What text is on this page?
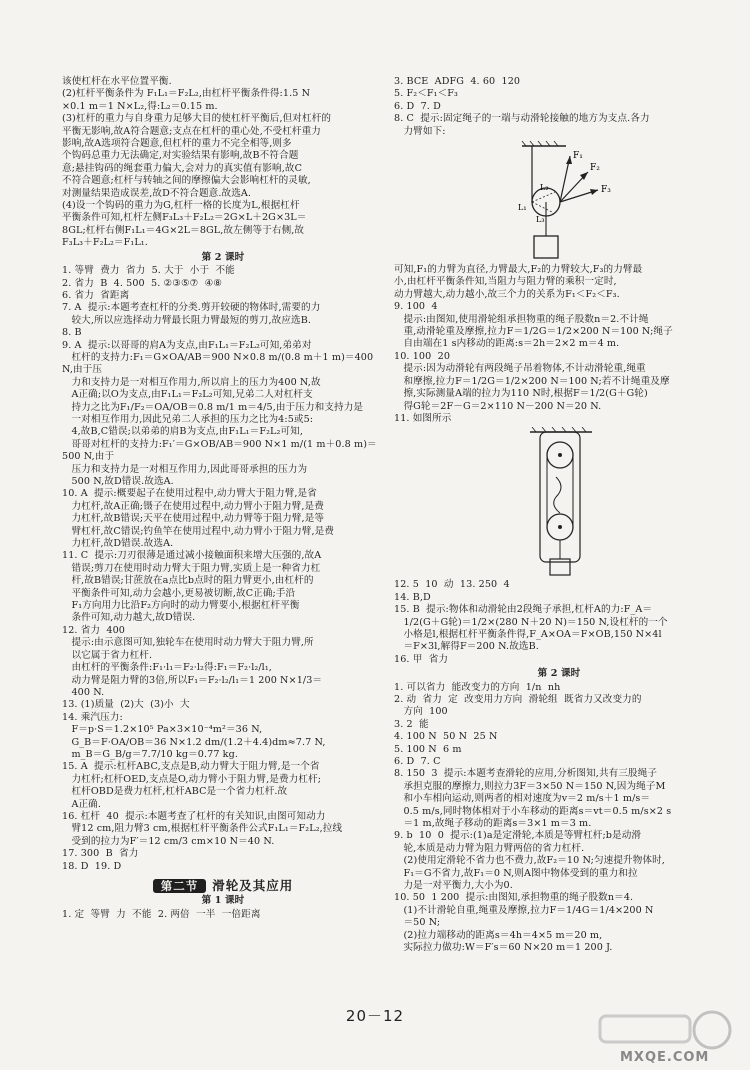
该使杠杆在水平位置平衡.
(2)杠杆平衡条件为 F₁L₁＝F₂L₂,由杠杆平衡条件得:1.5 N
×0.1 m＝1 N×L₂,得:L₂＝0.15 m.
(3)杠杆的重力与自身重力足够大目的使杠杆平衡后,但对杠杆的
平衡无影响,故A符合题意;支点在杠杆的重心处,不受杠杆重力
影响,故A选项符合题意,但杠杆的重力不完全相等,则多
个钩码总重力无法确定,对实验结果有影响,故B不符合题
意;悬挂钩码的绳套重力偏大,会对力的真实值有影响,故C
不符合题意;杠杆与转轴之间的摩擦偏大会影响杠杆的灵敏,
对测量结果造成误差,故D不符合题意.故选A.
(4)设一个钩码的重力为G,杠杆一格的长度为L,根据杠杆
平衡条件可知,杠杆左侧F₃L₃＋F₂L₂＝2G×L＋2G×3L＝
8GL;杠杆右侧F₁L₁＝4G×2L＝8GL,故左侧等于右侧,故
F₃L₃＋F₂L₂＝F₁L₁.

第 2 课时

1. 等臂  费力  省力  5. 大于  小于  不能
2. 省力  B  4. 500  5. ②③⑤⑦  ④⑧
6. 省力  省距离
7. A  提示:本题考查杠杆的分类.剪开较硬的物体时,需要的力
较大,所以应选择动力臂最长阻力臂最短的剪刀,故应选B.
8. B
9. A  提示:以哥哥的肩A为支点,由F₁L₁＝F₂L₂可知,弟弟对
杠杆的支持力:F₁＝G×OA/AB＝900 N×0.8 m/(0.8 m＋1 m)＝400 N,由于压
力和支持力是一对相互作用力,所以肩上的压力为400 N,故
A正确;以O为支点,由F₁L₁＝F₂L₂可知,兄弟二人对杠杆支
持力之比为F₁/F₂＝OA/OB＝0.8 m/1 m＝4/5,由于压力和支持力是
一对相互作用力,因此兄弟二人承担的压力之比为4:5或5:
4,故B,C错误;以弟弟的肩B为支点,由F₁L₁＝F₂L₂可知,
哥哥对杠杆的支持力:F₁′＝G×OB/AB＝900 N×1 m/(1 m＋0.8 m)＝500 N,由于
压力和支持力是一对相互作用力,因此哥哥承担的压力为
500 N,故D错误.故选A.
10. A  提示:概要起子在使用过程中,动力臂大于阻力臂,是省
力杠杆,故A正确;镊子在使用过程中,动力臂小于阻力臂,是费
力杠杆,故B错误;天平在使用过程中,动力臂等于阻力臂,是等
臂杠杆,故C错误;钓鱼竿在使用过程中,动力臂小于阻力臂,是费
力杠杆,故D错误.故选A.
11. C  提示:刀刃很薄是通过减小接触面积来增大压强的,故A
错误;剪刀在使用时动力臂大于阻力臂,实质上是一种省力杠
杆,故B错误;甘蔗放在a点比b点时的阻力臂更小,由杠杆的
平衡条件可知,动力会越小,更易被切断,故C正确;手沿
F₁方向用力比沿F₂方向时的动力臂要小,根据杠杆平衡
条件可知,动力越大,故D错误.
12. 省力  400
提示:由示意图可知,独轮车在使用时动力臂大于阻力臂,所
以它属于省力杠杆.
由杠杆的平衡条件:F₁·l₁＝F₂·l₂得:F₁＝F₂·l₂/l₁,
动力臂是阻力臂的3倍,所以F₁＝F₂·l₂/l₁＝1 200 N×1/3＝
400 N.
13. (1)质量  (2)大  (3)小  大
14. 乘汽压力:
F＝p·S＝1.2×10⁵ Pa×3×10⁻⁴m²＝36 N,
G_B＝F·OA/OB＝36 N×1.2 dm/(1.2＋4.4)dm≈7.7 N,
m_B＝G_B/g＝7.7/10 kg＝0.77 kg.
15. A  提示:杠杆ABC,支点是B,动力臂大于阻力臂,是一个省
力杠杆;杠杆OED,支点是O,动力臂小于阻力臂,是费力杠杆;
杠杆OBD是费力杠杆,杠杆ABC是一个省力杠杆.故
A正确.
16. 杠杆  40  提示:本题考查了杠杆的有关知识,由图可知动力
臂12 cm,阻力臂3 cm,根据杠杆平衡条件公式F₁L₁＝F₂L₂,拉线
受到的拉力为F′＝12 cm/3 cm×10 N＝40 N.
17. 300  B  省力
18. D  19. D

第二节	滑轮及其应用

第 1 课时

1. 定  等臂  力  不能  2. 两倍  一半  一倍距离

3. BCE  ADFG  4. 60  120
5. F₂＜F₁＜F₃
6. D  7. D
8. C  提示:固定绳子的一端与动滑轮接触的地方为支点.各力
力臂如下:

F₁
F₂
F₃
L₁
L₂
L₃

可知,F₁的力臂为直径,力臂最大,F₂的力臂较大,F₃的力臂最
小,由杠杆平衡条件知,当阻力与阻力臂的乘积一定时,
动力臂越大,动力越小,故三个力的关系为F₁＜F₂＜F₃.
9. 100  4
提示:由图知,使用滑轮组承担物重的绳子股数n＝2.不计绳
重,动滑轮重及摩擦,拉力F＝1/2G＝1/2×200 N＝100 N;绳子
自由端在1 s内移动的距离:s＝2h＝2×2 m＝4 m.
10. 100  20
提示:因为动滑轮有两段绳子吊着物体,不计动滑轮重,绳重
和摩擦,拉力F＝1/2G＝1/2×200 N＝100 N;若不计绳重及摩
擦,实际测量A端的拉力为110 N时,根据F＝1/2(G＋G轮)
得G轮＝2F－G＝2×110 N－200 N＝20 N.
11. 如图所示

12. 5  10  动  13. 250  4
14. B,D
15. B  提示:物体和动滑轮由2段绳子承担,杠杆A的力:F_A＝
1/2(G＋G轮)＝1/2×(280 N＋20 N)＝150 N,设杠杆的一个
小格是l,根据杠杆平衡条件得,F_A×OA＝F×OB,150 N×4l
＝F×3l,解得F＝200 N.故选B.
16. 甲  省力

第 2 课时

1. 可以省力  能改变力的方向  1/n  nh
2. 动  省力  定  改变用力方向  滑轮组  既省力又改变力的
方向  100
3. 2  能
4. 100 N  50 N  25 N
5. 100 N  6 m
6. D  7. C
8. 150  3  提示:本题考查滑轮的应用,分析图知,共有三股绳子
承担克服的摩擦力,则拉力3F＝3×50 N＝150 N,因为绳子M
和小车相向运动,则两者的相对速度为v＝2 m/s＋1 m/s＝
0.5 m/s,同时物体相对于小车移动的距离s＝vt＝0.5 m/s×2 s
＝1 m,故绳子移动的距离s＝3×1 m＝3 m.
9. b  10  0  提示:(1)a是定滑轮,本质是等臂杠杆;b是动滑
轮,本质是动力臂为阻力臂两倍的省力杠杆.
(2)使用定滑轮不省力也不费力,故F₂＝10 N;匀速提升物体时,
F₁＝G不省力,故F₁＝0 N,则A图中物体受到的重力和拉
力是一对平衡力,大小为0.
10. 50  1 200  提示:由图知,承担物重的绳子股数n＝4.
(1)不计滑轮自重,绳重及摩擦,拉力F＝1/4G＝1/4×200 N
＝50 N;
(2)拉力端移动的距离s＝4h＝4×5 m＝20 m,
实际拉力做功:W＝F′s＝60 N×20 m＝1 200 J.

20－12
MXQE.COM
